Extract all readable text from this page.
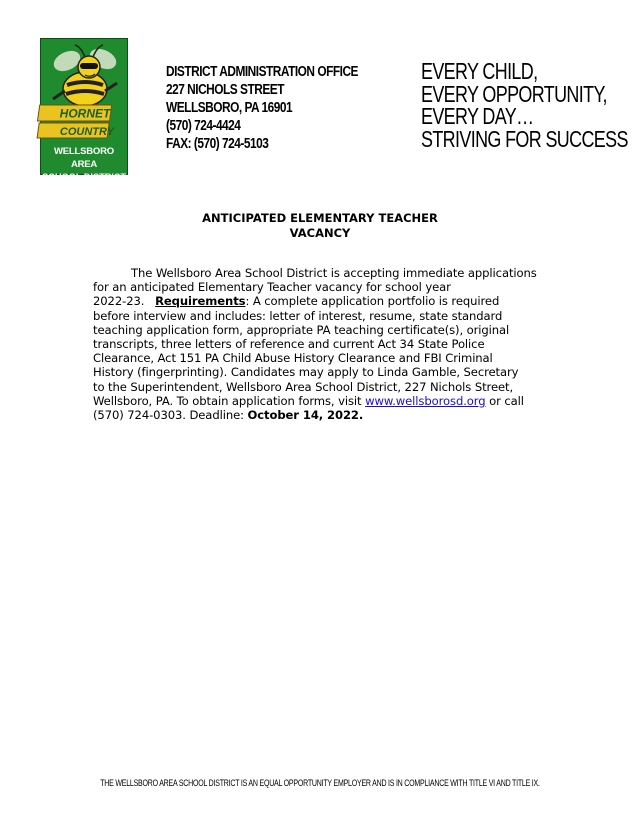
HORNET
COUNTRY
WELLSBORO AREA
SCHOOL DISTRICT
DISTRICT ADMINISTRATION OFFICE
227 NICHOLS STREET
WELLSBORO, PA 16901
(570) 724-4424
FAX: (570) 724-5103
EVERY CHILD,
EVERY OPPORTUNITY,
EVERY DAY…
STRIVING FOR SUCCESS
ANTICIPATED ELEMENTARY TEACHER
VACANCY
The Wellsboro Area School District is accepting immediate applications
for an anticipated Elementary Teacher vacancy for school year
2022-23. Requirements: A complete application portfolio is required
before interview and includes: letter of interest, resume, state standard
teaching application form, appropriate PA teaching certificate(s), original
transcripts, three letters of reference and current Act 34 State Police
Clearance, Act 151 PA Child Abuse History Clearance and FBI Criminal
History (fingerprinting). Candidates may apply to Linda Gamble, Secretary
to the Superintendent, Wellsboro Area School District, 227 Nichols Street,
Wellsboro, PA. To obtain application forms, visit www.wellsborosd.org or call
(570) 724-0303. Deadline: October 14, 2022.
THE WELLSBORO AREA SCHOOL DISTRICT IS AN EQUAL OPPORTUNITY EMPLOYER AND IS IN COMPLIANCE WITH TITLE VI AND TITLE IX.
